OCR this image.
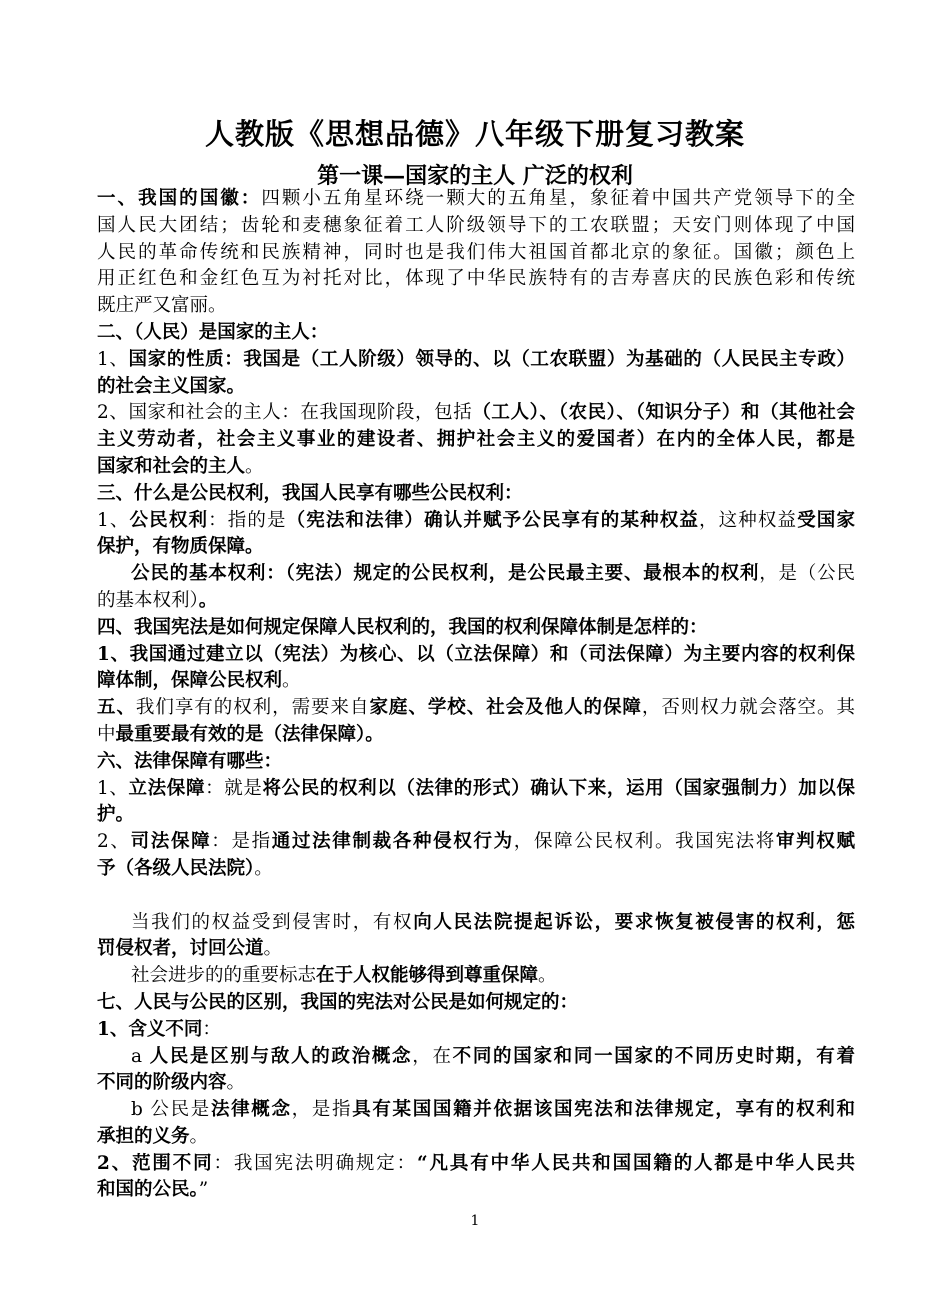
人教版《思想品德》八年级下册复习教案
第一课—国家的主人 广泛的权利
一、我国的国徽：四颗小五角星环绕一颗大的五角星，象征着中国共产党领导下的全
国人民大团结；齿轮和麦穗象征着工人阶级领导下的工农联盟；天安门则体现了中国
人民的革命传统和民族精神，同时也是我们伟大祖国首都北京的象征。国徽；颜色上
用正红色和金红色互为衬托对比，体现了中华民族特有的吉寿喜庆的民族色彩和传统
既庄严又富丽。
二、（人民）是国家的主人：
1、国家的性质：我国是（工人阶级）领导的、以（工农联盟）为基础的（人民民主专政）
的社会主义国家。
2、国家和社会的主人：在我国现阶段，包括（工人）、（农民）、（知识分子）和（其他社会
主义劳动者，社会主义事业的建设者、拥护社会主义的爱国者）在内的全体人民，都是
国家和社会的主人。
三、什么是公民权利，我国人民享有哪些公民权利：
1、公民权利：指的是（宪法和法律）确认并赋予公民享有的某种权益，这种权益受国家
保护，有物质保障。
公民的基本权利：（宪法）规定的公民权利，是公民最主要、最根本的权利，是（公民
的基本权利）。
四、我国宪法是如何规定保障人民权利的，我国的权利保障体制是怎样的：
1、我国通过建立以（宪法）为核心、以（立法保障）和（司法保障）为主要内容的权利保
障体制，保障公民权利。
五、我们享有的权利，需要来自家庭、学校、社会及他人的保障，否则权力就会落空。其
中最重要最有效的是（法律保障）。
六、法律保障有哪些：
1、立法保障：就是将公民的权利以（法律的形式）确认下来，运用（国家强制力）加以保
护。
2、司法保障：是指通过法律制裁各种侵权行为，保障公民权利。我国宪法将审判权赋
予（各级人民法院）。
当我们的权益受到侵害时，有权向人民法院提起诉讼，要求恢复被侵害的权利，惩
罚侵权者，讨回公道。
社会进步的的重要标志在于人权能够得到尊重保障。
七、人民与公民的区别，我国的宪法对公民是如何规定的：
1、含义不同：
a 人民是区别与敌人的政治概念，在不同的国家和同一国家的不同历史时期，有着
不同的阶级内容。
b 公民是法律概念，是指具有某国国籍并依据该国宪法和法律规定，享有的权利和
承担的义务。
2、范围不同：我国宪法明确规定：“凡具有中华人民共和国国籍的人都是中华人民共
和国的公民。”
1
